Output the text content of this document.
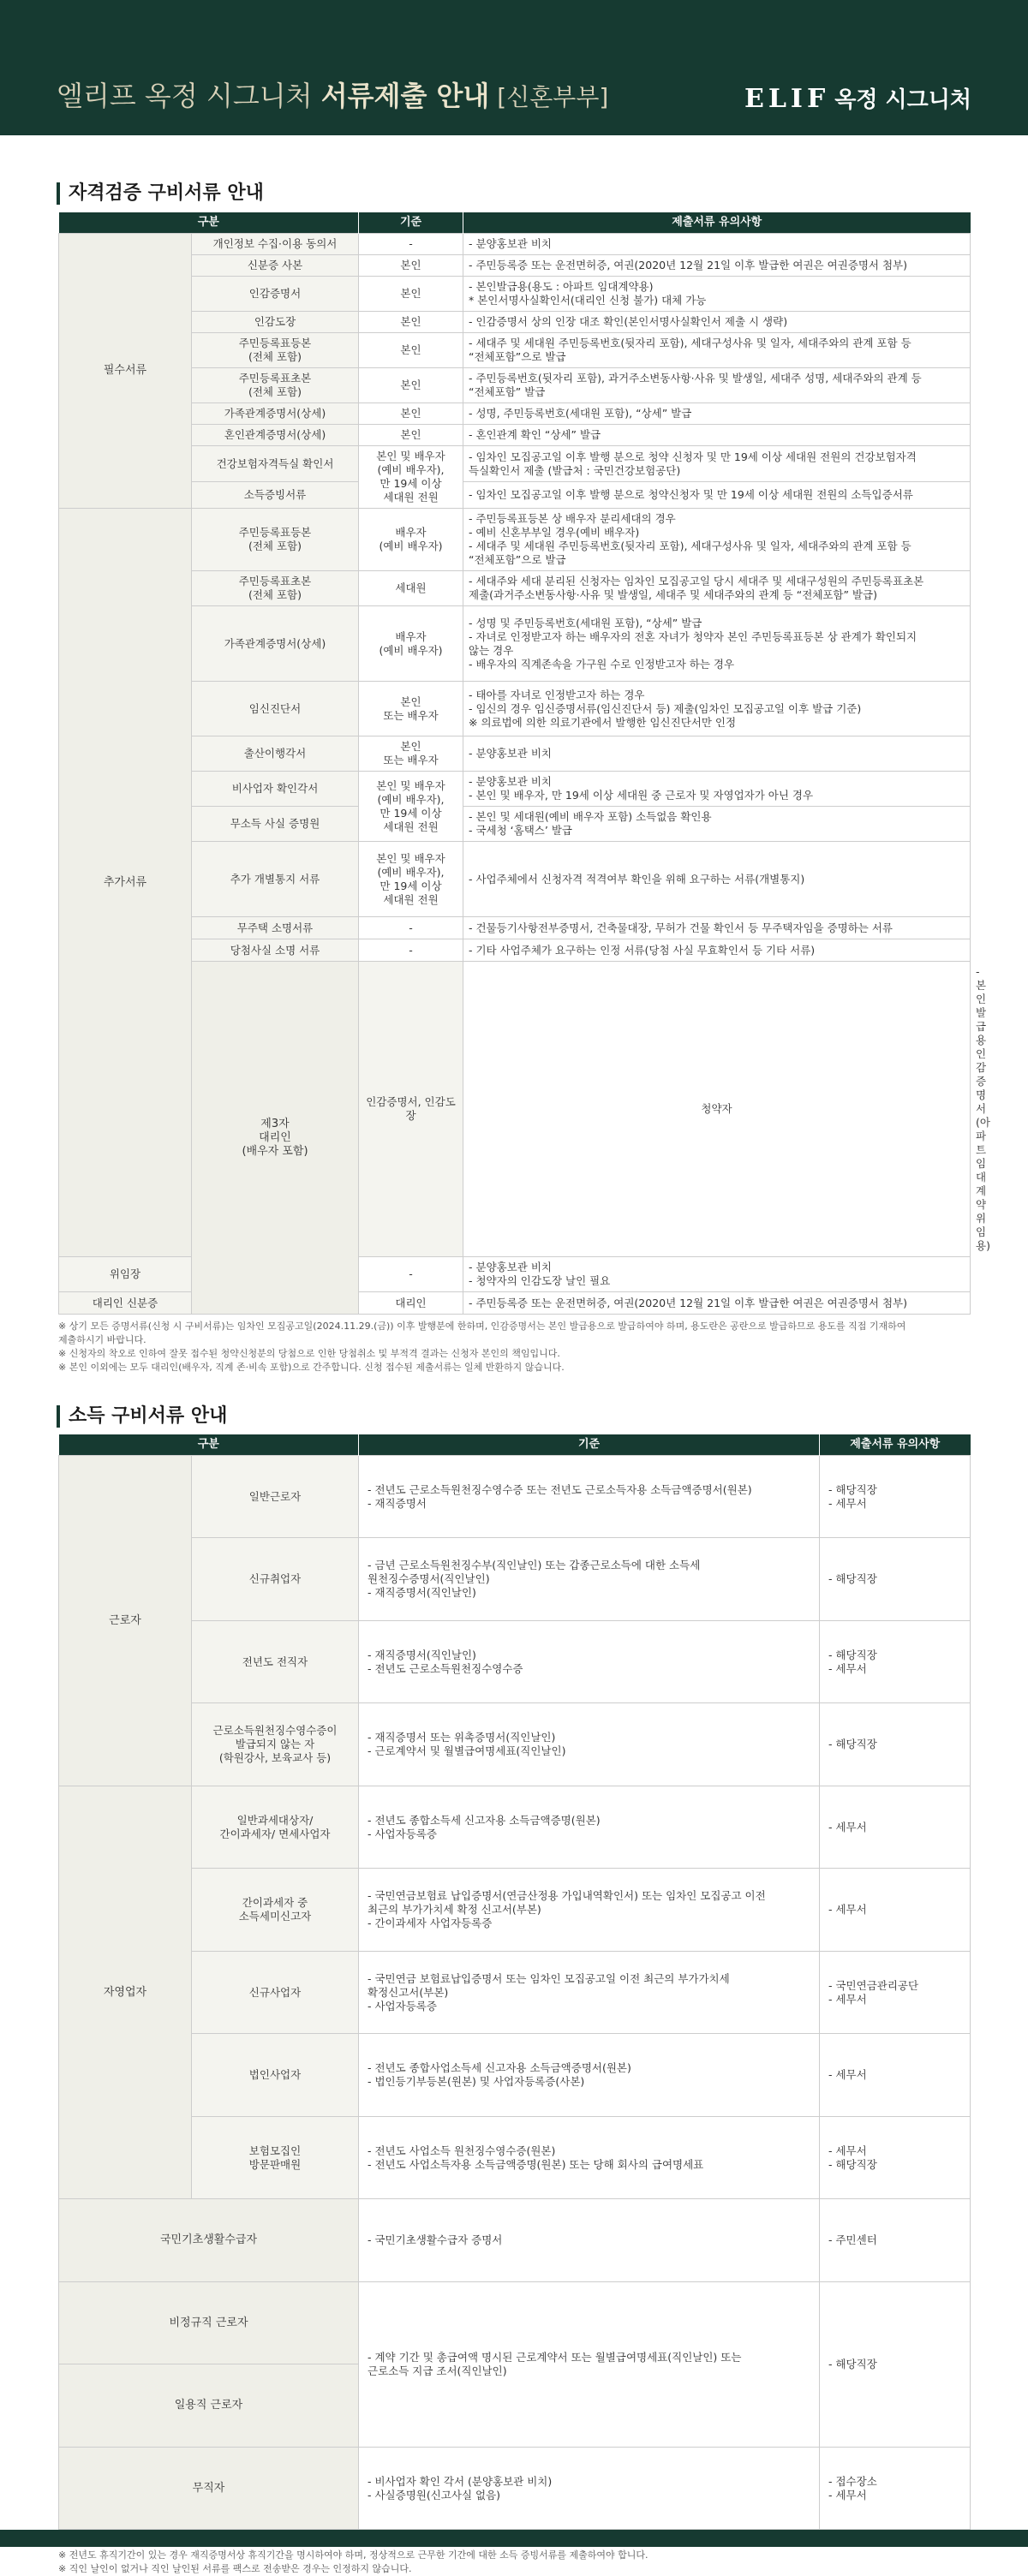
엘리프 옥정 시그니처 서류제출 안내 [신혼부부]	ELIF 옥정 시그니처
자격검증 구비서류 안내
구분		기준	제출서류 유의사항	
필수서류	개인정보 수집·이용 동의서	-	- 분양홍보관 비치	

	신분증 사본	본인	- 주민등록증 또는 운전면허증, 여권(2020년 12월 21일 이후 발급한 여권은 여권증명서 첨부)	

	인감증명서	본인	- 본인발급용(용도 : 아파트 임대계약용)
* 본인서명사실확인서(대리인 신청 불가) 대체 가능	

	인감도장	본인	- 인감증명서 상의 인장 대조 확인(본인서명사실확인서 제출 시 생략)	

	주민등록표등본
(전체 포함)	본인	- 세대주 및 세대원 주민등록번호(뒷자리 포함), 세대구성사유 및 일자, 세대주와의 관계 포함 등
“전체포함”으로 발급	

	주민등록표초본
(전체 포함)	본인	- 주민등록번호(뒷자리 포함), 과거주소변동사항·사유 및 발생일, 세대주 성명, 세대주와의 관계 등
“전체포함” 발급	

	가족관계증명서(상세)	본인	- 성명, 주민등록번호(세대원 포함), “상세” 발급	

	혼인관계증명서(상세)	본인	- 혼인관계 확인 “상세” 발급	

	건강보험자격득실 확인서	본인 및 배우자
(예비 배우자),
만 19세 이상
세대원 전원	- 임차인 모집공고일 이후 발행 분으로 청약 신청자 및 만 19세 이상 세대원 전원의 건강보험자격
득실확인서 제출 (발급처 : 국민건강보험공단)	

	소득증빙서류		- 임차인 모집공고일 이후 발행 분으로 청약신청자 및 만 19세 이상 세대원 전원의 소득입증서류	

추가서류	주민등록표등본
(전체 포함)	배우자
(예비 배우자)	- 주민등록표등본 상 배우자 분리세대의 경우
- 예비 신혼부부일 경우(예비 배우자)
- 세대주 및 세대원 주민등록번호(뒷자리 포함), 세대구성사유 및 일자, 세대주와의 관계 포함 등
“전체포함”으로 발급	

	주민등록표초본
(전체 포함)	세대원	- 세대주와 세대 분리된 신청자는 임차인 모집공고일 당시 세대주 및 세대구성원의 주민등록표초본
제출(과거주소변동사항·사유 및 발생일, 세대주 및 세대주와의 관계 등 “전체포함” 발급)	

	가족관계증명서(상세)	배우자
(예비 배우자)	- 성명 및 주민등록번호(세대원 포함), “상세” 발급
- 자녀로 인정받고자 하는 배우자의 전혼 자녀가 청약자 본인 주민등록표등본 상 관계가 확인되지
않는 경우
- 배우자의 직계존속을 가구원 수로 인정받고자 하는 경우	

	임신진단서	본인
또는 배우자	- 태아를 자녀로 인정받고자 하는 경우
- 임신의 경우 임신증명서류(임신진단서 등) 제출(임차인 모집공고일 이후 발급 기준)
※ 의료법에 의한 의료기관에서 발행한 임신진단서만 인정	

	출산이행각서	본인
또는 배우자	- 분양홍보관 비치	

	비사업자 확인각서	본인 및 배우자
(예비 배우자),
만 19세 이상
세대원 전원	- 분양홍보관 비치
- 본인 및 배우자, 만 19세 이상 세대원 중 근로자 및 자영업자가 아닌 경우	

	무소득 사실 증명원		- 본인 및 세대원(예비 배우자 포함) 소득없음 확인용
- 국세청 ‘홈택스’ 발급	

	추가 개별통지 서류	본인 및 배우자
(예비 배우자),
만 19세 이상
세대원 전원	- 사업주체에서 신청자격 적격여부 확인을 위해 요구하는 서류(개별통지)	

	무주택 소명서류	-	- 건물등기사항전부증명서, 건축물대장, 무허가 건물 확인서 등 무주택자임을 증명하는 서류	

	당첨사실 소명 서류	-	- 기타 사업주체가 요구하는 인정 서류(당첨 사실 무효확인서 등 기타 서류)	

	제3자
대리인
(배우자 포함)	인감증명서, 인감도장	청약자	- 본인발급용 인감증명서(아파트 임대 계약 위임용)

위임장		-	- 분양홍보관 비치
- 청약자의 인감도장 날인 필요	

대리인 신분증		대리인	- 주민등록증 또는 운전면허증, 여권(2020년 12월 21일 이후 발급한 여권은 여권증명서 첨부)	
※ 상기 모든 증명서류(신청 시 구비서류)는 임차인 모집공고일(2024.11.29.(금)) 이후 발행분에 한하며, 인감증명서는 본인 발급용으로 발급하여야 하며, 용도란은 공란으로 발급하므로 용도를 직접 기재하여
제출하시기 바랍니다.
※ 신청자의 착오로 인하여 잘못 접수된 청약신청분의 당첨으로 인한 당첨취소 및 부적격 결과는 신청자 본인의 책임입니다.
※ 본인 이외에는 모두 대리인(배우자, 직계 존·비속 포함)으로 간주합니다. 신청 접수된 제출서류는 일체 반환하지 않습니다.
소득 구비서류 안내
구분		기준	제출서류 유의사항
근로자	일반근로자	- 전년도 근로소득원천징수영수증 또는 전년도 근로소득자용 소득금액증명서(원본)
- 재직증명서	- 해당직장
- 세무서

	신규취업자	- 금년 근로소득원천징수부(직인날인) 또는 갑종근로소득에 대한 소득세
원천징수증명서(직인날인)
- 재직증명서(직인날인)	- 해당직장

	전년도 전직자	- 재직증명서(직인날인)
- 전년도 근로소득원천징수영수증	- 해당직장
- 세무서

	근로소득원천징수영수증이
발급되지 않는 자
(학원강사, 보육교사 등)	- 재직증명서 또는 위촉증명서(직인날인)
- 근로계약서 및 월별급여명세표(직인날인)	- 해당직장

자영업자	일반과세대상자/
간이과세자/ 면세사업자	- 전년도 종합소득세 신고자용 소득금액증명(원본)
- 사업자등록증	- 세무서

	간이과세자 중
소득세미신고자	- 국민연금보험료 납입증명서(연금산정용 가입내역확인서) 또는 임차인 모집공고 이전
최근의 부가가치세 확정 신고서(부본)
- 간이과세자 사업자등록증	- 세무서

	신규사업자	- 국민연금 보험료납입증명서 또는 임차인 모집공고일 이전 최근의 부가가치세
확정신고서(부본)
- 사업자등록증	- 국민연금관리공단
- 세무서

	법인사업자	- 전년도 종합사업소득세 신고자용 소득금액증명서(원본)
- 법인등기부등본(원본) 및 사업자등록증(사본)	- 세무서

	보험모집인
방문판매원	- 전년도 사업소득 원천징수영수증(원본)
- 전년도 사업소득자용 소득금액증명(원본) 또는 당해 회사의 급여명세표	- 세무서
- 해당직장

국민기초생활수급자		- 국민기초생활수급자 증명서	- 주민센터

비정규직 근로자		- 계약 기간 및 총급여액 명시된 근로계약서 또는 월별급여명세표(직인날인) 또는
근로소득 지급 조서(직인날인)	- 해당직장

일용직 근로자			

무직자		- 비사업자 확인 각서 (분양홍보관 비치)
- 사실증명원(신고사실 없음)	- 접수장소
- 세무서
※ 전년도 휴직기간이 있는 경우 재직증명서상 휴직기간을 명시하여야 하며, 정상적으로 근무한 기간에 대한 소득 증빙서류를 제출하여야 합니다.
※ 직인 날인이 없거나 직인 날인된 서류를 팩스로 전송받은 경우는 인정하지 않습니다.
